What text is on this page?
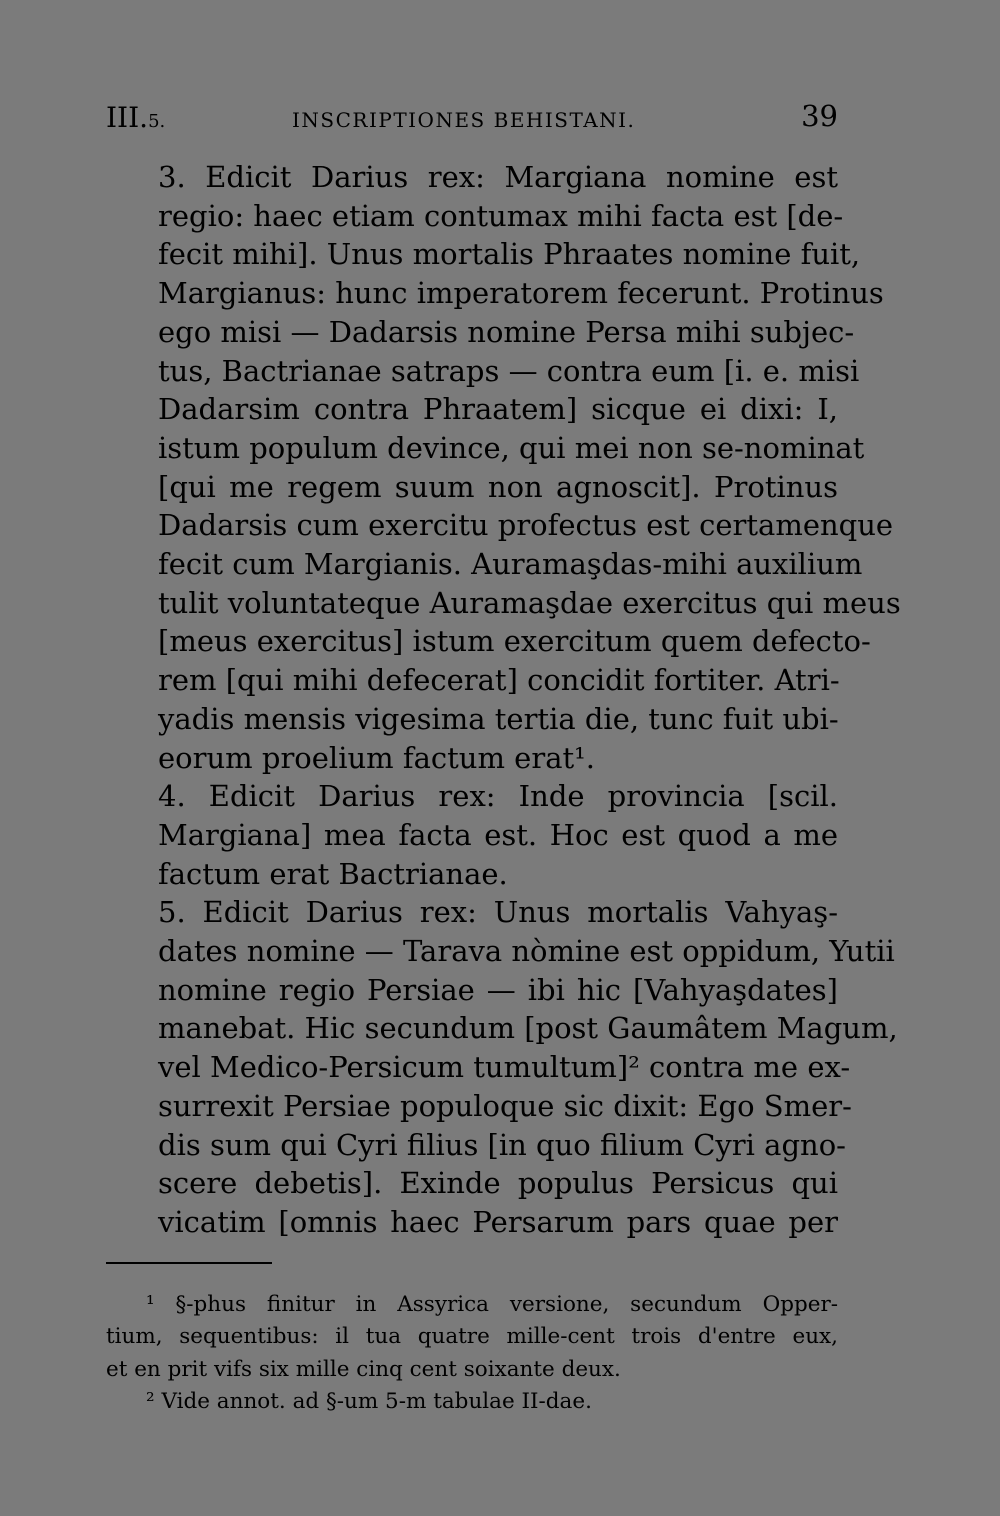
III.5.	INSCRIPTIONES BEHISTANI.	39

3. Edicit Darius rex: Margiana nomine est
regio: haec etiam contumax mihi facta est [de-
fecit mihi]. Unus mortalis Phraates nomine fuit,
Margianus: hunc imperatorem fecerunt. Protinus
ego misi — Dadarsis nomine Persa mihi subjec-
tus, Bactrianae satraps — contra eum [i. e. misi
Dadarsim contra Phraatem] sicque ei dixi: I,
istum populum devince, qui mei non se-nominat
[qui me regem suum non agnoscit]. Protinus
Dadarsis cum exercitu profectus est certamenque
fecit cum Margianis. Auramaşdas-mihi auxilium
tulit voluntateque Auramaşdae exercitus qui meus
[meus exercitus] istum exercitum quem defecto-
rem [qui mihi defecerat] concidit fortiter. Atri-
yadis mensis vigesima tertia die, tunc fuit ubi-
eorum proelium factum erat¹.

4. Edicit Darius rex: Inde provincia [scil.
Margiana] mea facta est. Hoc est quod a me
factum erat Bactrianae.

5. Edicit Darius rex: Unus mortalis Vahyaş-
dates nomine — Tarava nòmine est oppidum, Yutii
nomine regio Persiae — ibi hic [Vahyaşdates]
manebat. Hic secundum [post Gaumâtem Magum,
vel Medico-Persicum tumultum]² contra me ex-
surrexit Persiae populoque sic dixit: Ego Smer-
dis sum qui Cyri filius [in quo filium Cyri agno-
scere debetis]. Exinde populus Persicus qui
vicatim [omnis haec Persarum pars quae per

¹ §-phus finitur in Assyrica versione, secundum Opper-
tium, sequentibus: il tua quatre mille-cent trois d'entre eux,
et en prit vifs six mille cinq cent soixante deux.
² Vide annot. ad §-um 5-m tabulae II-dae.
